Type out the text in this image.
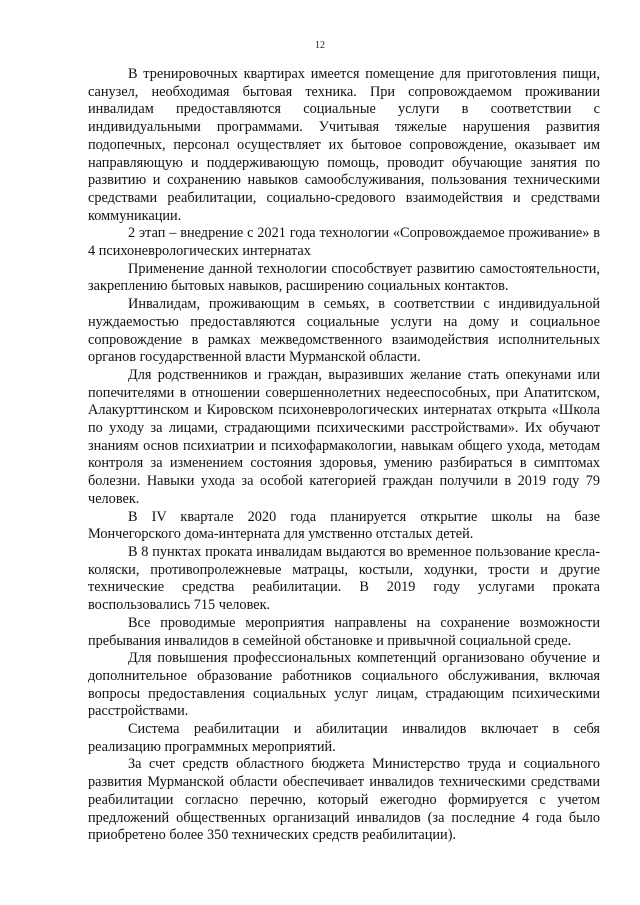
12

В тренировочных квартирах имеется помещение для приготовления пищи, санузел, необходимая бытовая техника. При сопровождаемом проживании инвалидам предоставляются социальные услуги в соответствии с индивидуальными программами. Учитывая тяжелые нарушения развития подопечных, персонал осуществляет их бытовое сопровождение, оказывает им направляющую и поддерживающую помощь, проводит обучающие занятия по развитию и сохранению навыков самообслуживания, пользования техническими средствами реабилитации, социально-средового взаимодействия и средствами коммуникации.

2 этап – внедрение с 2021 года технологии «Сопровождаемое проживание» в 4 психоневрологических интернатах

Применение данной технологии способствует развитию самостоятельности, закреплению бытовых навыков, расширению социальных контактов.

Инвалидам, проживающим в семьях, в соответствии с индивидуальной нуждаемостью предоставляются социальные услуги на дому и социальное сопровождение в рамках межведомственного взаимодействия исполнительных органов государственной власти Мурманской области.

Для родственников и граждан, выразивших желание стать опекунами или попечителями в отношении совершеннолетних недееспособных, при Апатитском, Алакурттинском и Кировском психоневрологических интернатах открыта «Школа по уходу за лицами, страдающими психическими расстройствами». Их обучают знаниям основ психиатрии и психофармакологии, навыкам общего ухода, методам контроля за изменением состояния здоровья, умению разбираться в симптомах болезни. Навыки ухода за особой категорией граждан получили в 2019 году 79 человек.

В IV квартале 2020 года планируется открытие школы на базе Мончегорского дома-интерната для умственно отсталых детей.

В 8 пунктах проката инвалидам выдаются во временное пользование кресла-коляски, противопролежневые матрацы, костыли, ходунки, трости и другие технические средства реабилитации. В 2019 году услугами проката воспользовались 715 человек.

Все проводимые мероприятия направлены на сохранение возможности пребывания инвалидов в семейной обстановке и привычной социальной среде.

Для повышения профессиональных компетенций организовано обучение и дополнительное образование работников социального обслуживания, включая вопросы предоставления социальных услуг лицам, страдающим психическими расстройствами.

Система реабилитации и абилитации инвалидов включает в себя реализацию программных мероприятий.

За счет средств областного бюджета Министерство труда и социального развития Мурманской области обеспечивает инвалидов техническими средствами реабилитации согласно перечню, который ежегодно формируется с учетом предложений общественных организаций инвалидов (за последние 4 года было приобретено более 350 технических средств реабилитации).
